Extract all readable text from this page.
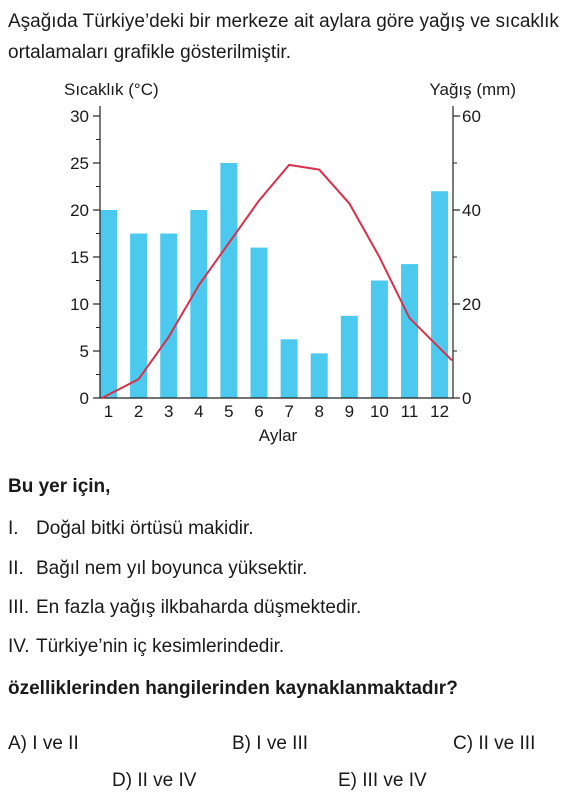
Aşağıda Türkiye’deki bir merkeze ait aylara göre yağış ve sıcaklık ortalamaları grafikle gösterilmiştir.

Sıcaklık (°C)	Yağış (mm)
0
5
10
15
20
25
30
0
20
40
60
1 2 3 4 5 6 7 8 9 10 11 12
Aylar

Bu yer için,

I. Doğal bitki örtüsü makidir.

II. Bağıl nem yıl boyunca yüksektir.

III. En fazla yağış ilkbaharda düşmektedir.

IV. Türkiye’nin iç kesimlerindedir.

özelliklerinden hangilerinden kaynaklanmaktadır?

A) I ve II	B) I ve III	C) II ve III

D) II ve IV	E) III ve IV
